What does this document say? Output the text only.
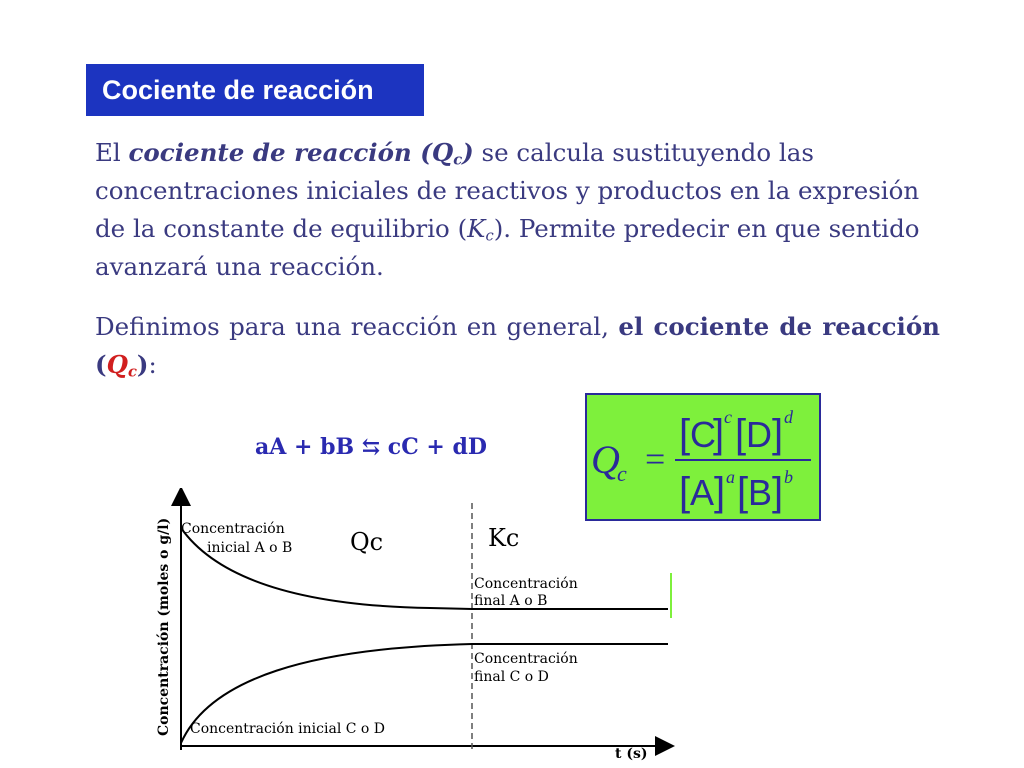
Cociente de reacción

El cociente de reacción $(Q_c)$ se calcula sustituyendo las concentraciones iniciales de reactivos y productos en la expresión de la constante de equilibrio $(K_c)$. Permite predecir en que sentido avanzará una reacción.

Definimos para una reacción en general, el cociente de reacción $(Q_c)$:

aA + bB ⇆ cC + dD	Q
c =
[ C
] c [ D ] d
[ A ] a [ B ] b
Concentración (moles o g/l)
t (s)
Qc	Kc
Concentración
inicial A o B
Concentración
final A o B
Concentración
final C o D
Concentración inicial C o D
